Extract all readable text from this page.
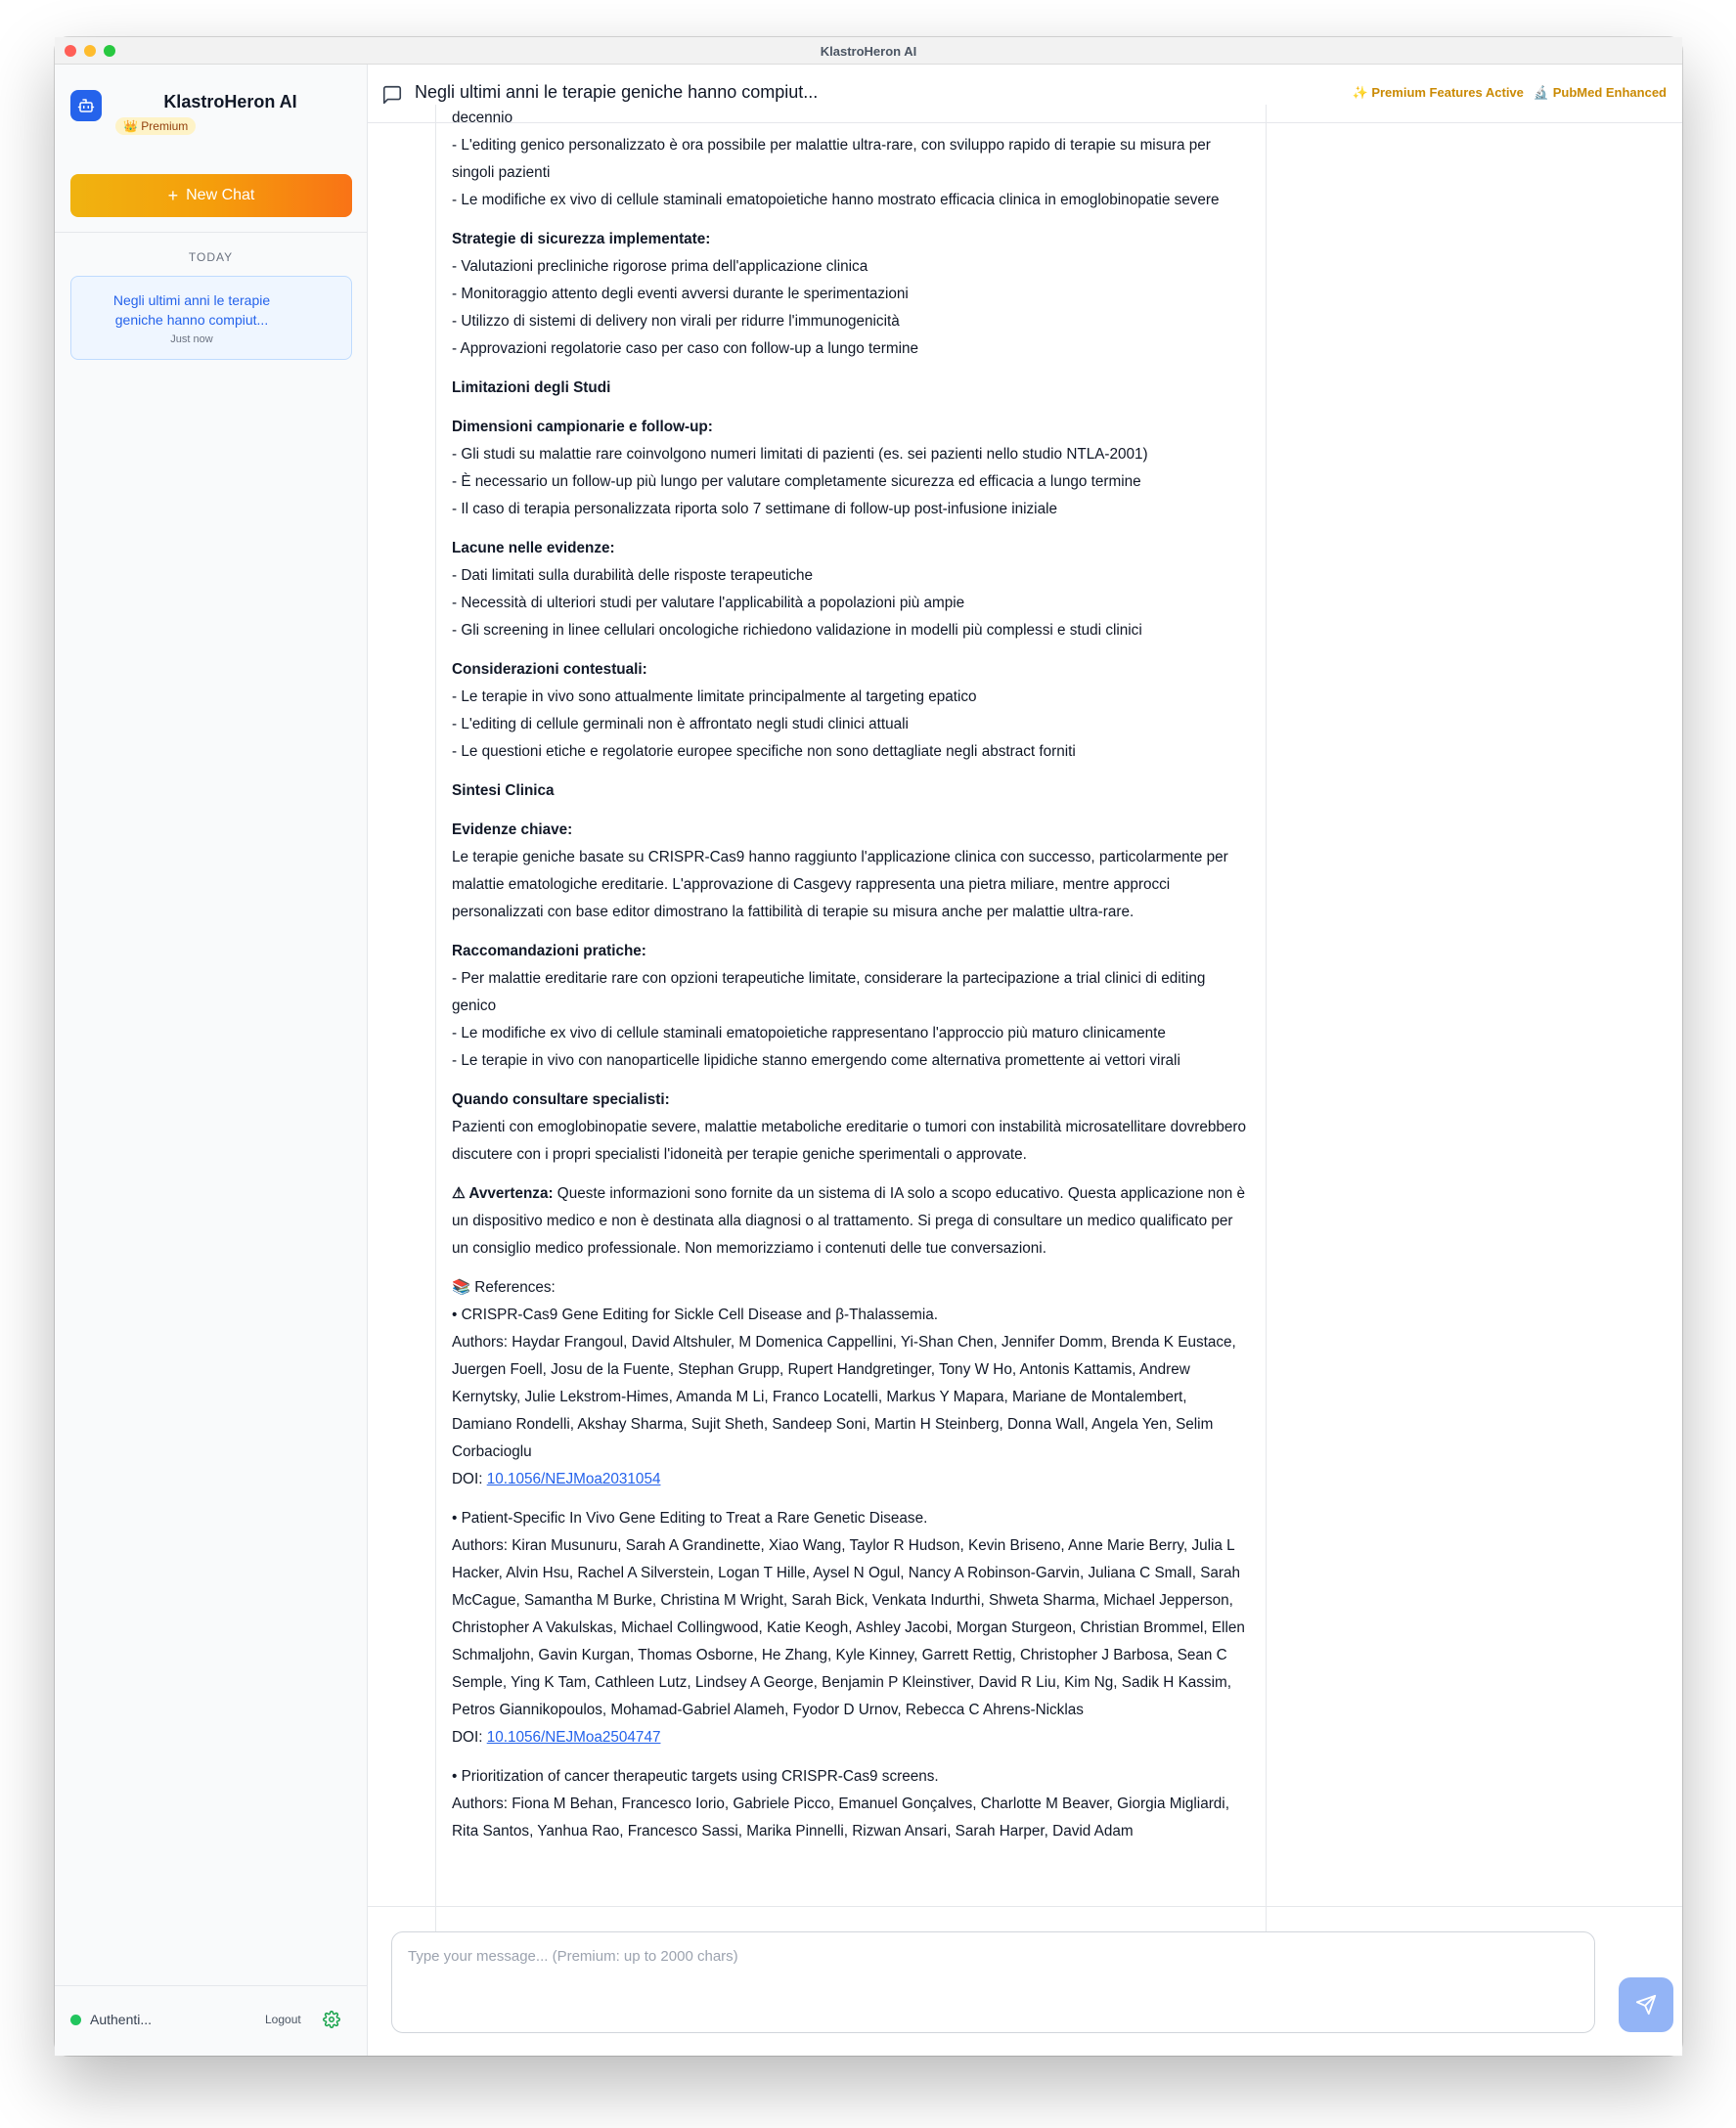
KlastroHeron AI
KlastroHeron AI
👑 Premium
+ New Chat
TODAY
Negli ultimi anni le terapie geniche hanno compiut...
Just now
Authenti...	Logout
Negli ultimi anni le terapie geniche hanno compiut...	✨ Premium Features Active 🔬 PubMed Enhanced

decennio

- L'editing genico personalizzato è ora possibile per malattie ultra-rare, con sviluppo rapido di terapie su misura per singoli pazienti

- Le modifiche ex vivo di cellule staminali ematopoietiche hanno mostrato efficacia clinica in emoglobinopatie severe

Strategie di sicurezza implementate:

- Valutazioni precliniche rigorose prima dell'applicazione clinica

- Monitoraggio attento degli eventi avversi durante le sperimentazioni

- Utilizzo di sistemi di delivery non virali per ridurre l'immunogenicità

- Approvazioni regolatorie caso per caso con follow-up a lungo termine

Limitazioni degli Studi

Dimensioni campionarie e follow-up:

- Gli studi su malattie rare coinvolgono numeri limitati di pazienti (es. sei pazienti nello studio NTLA-2001)

- È necessario un follow-up più lungo per valutare completamente sicurezza ed efficacia a lungo termine

- Il caso di terapia personalizzata riporta solo 7 settimane di follow-up post-infusione iniziale

Lacune nelle evidenze:

- Dati limitati sulla durabilità delle risposte terapeutiche

- Necessità di ulteriori studi per valutare l'applicabilità a popolazioni più ampie

- Gli screening in linee cellulari oncologiche richiedono validazione in modelli più complessi e studi clinici

Considerazioni contestuali:

- Le terapie in vivo sono attualmente limitate principalmente al targeting epatico

- L'editing di cellule germinali non è affrontato negli studi clinici attuali

- Le questioni etiche e regolatorie europee specifiche non sono dettagliate negli abstract forniti

Sintesi Clinica

Evidenze chiave:

Le terapie geniche basate su CRISPR-Cas9 hanno raggiunto l'applicazione clinica con successo, particolarmente per malattie ematologiche ereditarie. L'approvazione di Casgevy rappresenta una pietra miliare, mentre approcci personalizzati con base editor dimostrano la fattibilità di terapie su misura anche per malattie ultra-rare.

Raccomandazioni pratiche:

- Per malattie ereditarie rare con opzioni terapeutiche limitate, considerare la partecipazione a trial clinici di editing genico

- Le modifiche ex vivo di cellule staminali ematopoietiche rappresentano l'approccio più maturo clinicamente

- Le terapie in vivo con nanoparticelle lipidiche stanno emergendo come alternativa promettente ai vettori virali

Quando consultare specialisti:

Pazienti con emoglobinopatie severe, malattie metaboliche ereditarie o tumori con instabilità microsatellitare dovrebbero discutere con i propri specialisti l'idoneità per terapie geniche sperimentali o approvate.

⚠ Avvertenza: Queste informazioni sono fornite da un sistema di IA solo a scopo educativo. Questa applicazione non è un dispositivo medico e non è destinata alla diagnosi o al trattamento. Si prega di consultare un medico qualificato per un consiglio medico professionale. Non memorizziamo i contenuti delle tue conversazioni.

📚 References:

• CRISPR-Cas9 Gene Editing for Sickle Cell Disease and β-Thalassemia.

Authors: Haydar Frangoul, David Altshuler, M Domenica Cappellini, Yi-Shan Chen, Jennifer Domm, Brenda K Eustace, Juergen Foell, Josu de la Fuente, Stephan Grupp, Rupert Handgretinger, Tony W Ho, Antonis Kattamis, Andrew Kernytsky, Julie Lekstrom-Himes, Amanda M Li, Franco Locatelli, Markus Y Mapara, Mariane de Montalembert, Damiano Rondelli, Akshay Sharma, Sujit Sheth, Sandeep Soni, Martin H Steinberg, Donna Wall, Angela Yen, Selim Corbacioglu

DOI: 10.1056/NEJMoa2031054

• Patient-Specific In Vivo Gene Editing to Treat a Rare Genetic Disease.

Authors: Kiran Musunuru, Sarah A Grandinette, Xiao Wang, Taylor R Hudson, Kevin Briseno, Anne Marie Berry, Julia L Hacker, Alvin Hsu, Rachel A Silverstein, Logan T Hille, Aysel N Ogul, Nancy A Robinson-Garvin, Juliana C Small, Sarah McCague, Samantha M Burke, Christina M Wright, Sarah Bick, Venkata Indurthi, Shweta Sharma, Michael Jepperson, Christopher A Vakulskas, Michael Collingwood, Katie Keogh, Ashley Jacobi, Morgan Sturgeon, Christian Brommel, Ellen Schmaljohn, Gavin Kurgan, Thomas Osborne, He Zhang, Kyle Kinney, Garrett Rettig, Christopher J Barbosa, Sean C Semple, Ying K Tam, Cathleen Lutz, Lindsey A George, Benjamin P Kleinstiver, David R Liu, Kim Ng, Sadik H Kassim, Petros Giannikopoulos, Mohamad-Gabriel Alameh, Fyodor D Urnov, Rebecca C Ahrens-Nicklas

DOI: 10.1056/NEJMoa2504747

• Prioritization of cancer therapeutic targets using CRISPR-Cas9 screens.

Authors: Fiona M Behan, Francesco Iorio, Gabriele Picco, Emanuel Gonçalves, Charlotte M Beaver, Giorgia Migliardi, Rita Santos, Yanhua Rao, Francesco Sassi, Marika Pinnelli, Rizwan Ansari, Sarah Harper, David Adam

Type your message... (Premium: up to 2000 chars)
